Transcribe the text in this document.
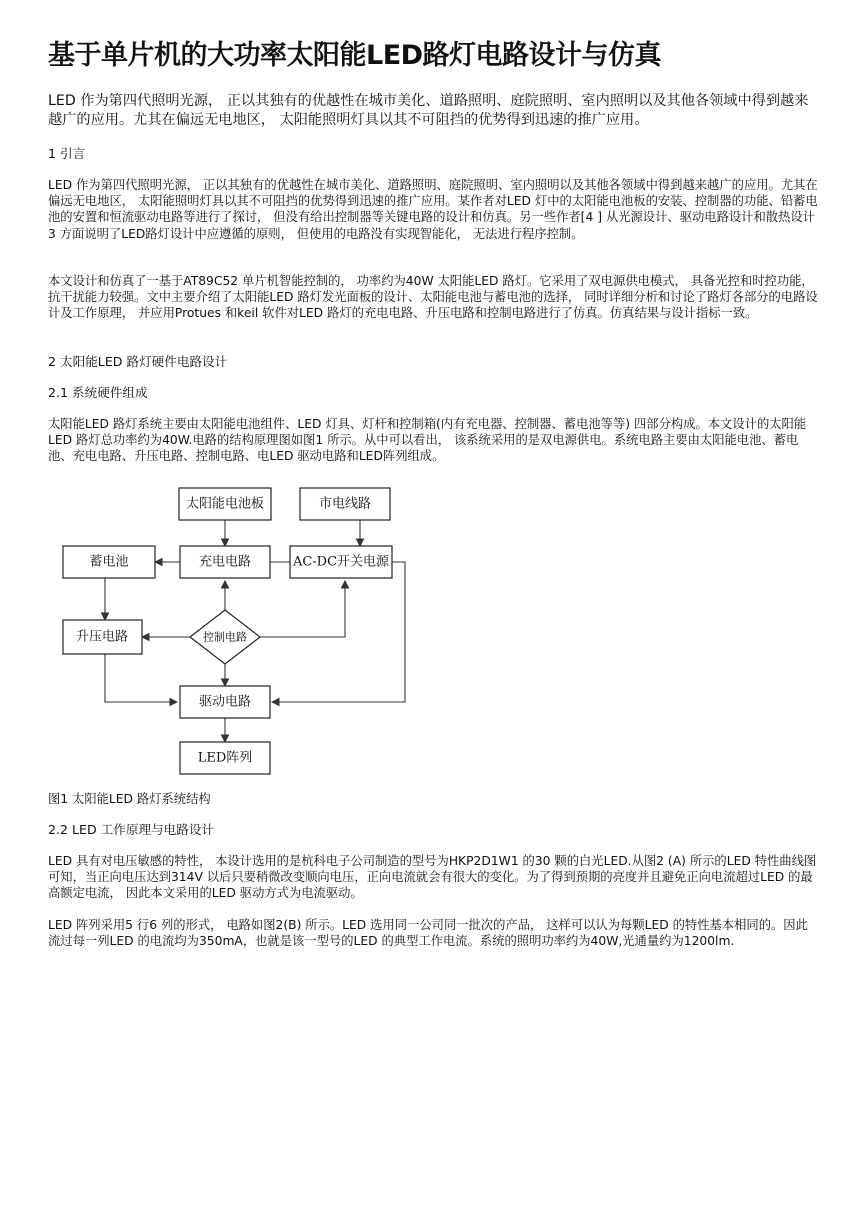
基于单片机的大功率太阳能LED路灯电路设计与仿真

LED 作为第四代照明光源， 正以其独有的优越性在城市美化、道路照明、庭院照明、室内照明以及其他各领域中得到越来越广的应用。尤其在偏远无电地区， 太阳能照明灯具以其不可阻挡的优势得到迅速的推广应用。

1 引言

LED 作为第四代照明光源， 正以其独有的优越性在城市美化、道路照明、庭院照明、室内照明以及其他各领域中得到越来越广的应用。尤其在偏远无电地区， 太阳能照明灯具以其不可阻挡的优势得到迅速的推广应用。某作者对LED 灯中的太阳能电池板的安装、控制器的功能、铅蓄电池的安置和恒流驱动电路等进行了探讨， 但没有给出控制器等关键电路的设计和仿真。另一些作者[4 ] 从光源设计、驱动电路设计和散热设计3 方面说明了LED路灯设计中应遵循的原则， 但使用的电路没有实现智能化， 无法进行程序控制。

本文设计和仿真了一基于AT89C52 单片机智能控制的， 功率约为40W 太阳能LED 路灯。它采用了双电源供电模式， 具备光控和时控功能， 抗干扰能力较强。文中主要介绍了太阳能LED 路灯发光面板的设计、太阳能电池与蓄电池的选择， 同时详细分析和讨论了路灯各部分的电路设计及工作原理， 并应用Protues 和keil 软件对LED 路灯的充电电路、升压电路和控制电路进行了仿真。仿真结果与设计指标一致。

2 太阳能LED 路灯硬件电路设计

2.1 系统硬件组成

太阳能LED 路灯系统主要由太阳能电池组件、LED 灯具、灯杆和控制箱(内有充电器、控制器、蓄电池等等) 四部分构成。本文设计的太阳能LED 路灯总功率约为40W.电路的结构原理图如图1 所示。从中可以看出， 该系统采用的是双电源供电。系统电路主要由太阳能电池、蓄电池、充电电路、升压电路、控制电路、电LED 驱动电路和LED阵列组成。

太阳能电池板	市电线路
蓄电池	充电电路	AC-DC开关电源
升压电路	控制电路
驱动电路
LED阵列

图1 太阳能LED 路灯系统结构

2.2 LED 工作原理与电路设计

LED 具有对电压敏感的特性， 本设计选用的是杭科电子公司制造的型号为HKP2D1W1 的30 颗的白光LED.从图2 (A) 所示的LED 特性曲线图可知，当正向电压达到314V 以后只要稍微改变顺向电压，正向电流就会有很大的变化。为了得到预期的亮度并且避免正向电流超过LED 的最高额定电流， 因此本文采用的LED 驱动方式为电流驱动。

LED 阵列采用5 行6 列的形式， 电路如图2(B) 所示。LED 选用同一公司同一批次的产品， 这样可以认为每颗LED 的特性基本相同的。因此流过每一列LED 的电流均为350mA，也就是该一型号的LED 的典型工作电流。系统的照明功率约为40W,光通量约为1200lm.
